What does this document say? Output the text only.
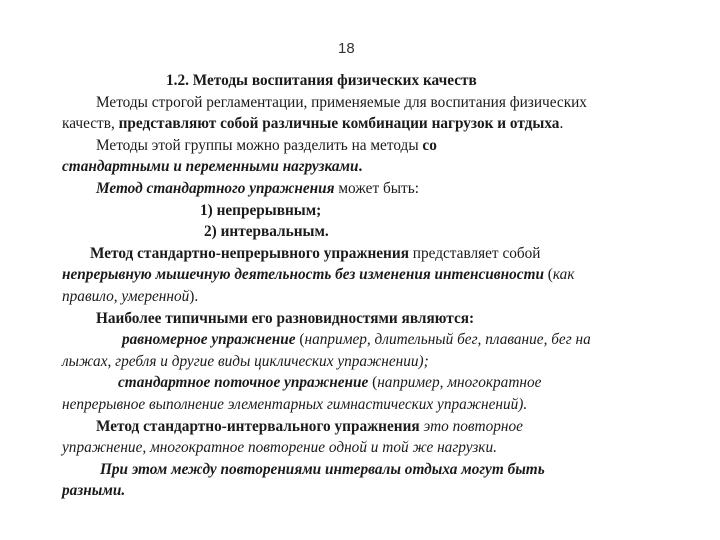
18
1.2. Методы воспитания физических качеств
Методы строгой регламентации, применяемые для воспитания физических
качеств, представляют собой различные комбинации нагрузок и отдыха.
Методы этой группы можно разделить на методы со
стандартными и переменными нагрузками.
Метод стандартного упражнения может быть:
1) непрерывным;
2) интервальным.
Метод стандартно-непрерывного упражнения представляет собой
непрерывную мышечную деятельность без изменения интенсивности (как
правило, умеренной).
Наиболее типичными его разновидностями являются:
равномерное упражнение (например, длительный бег, плавание, бег на
лыжах, гребля и другие виды циклических упражнении);
стандартное поточное упражнение (например, многократное
непрерывное выполнение элементарных гимнастических упражнений).
Метод стандартно-интервального упражнения это повторное
упражнение, многократное повторение одной и той же нагрузки.
При этом между повторениями интервалы отдыха могут быть
разными.
